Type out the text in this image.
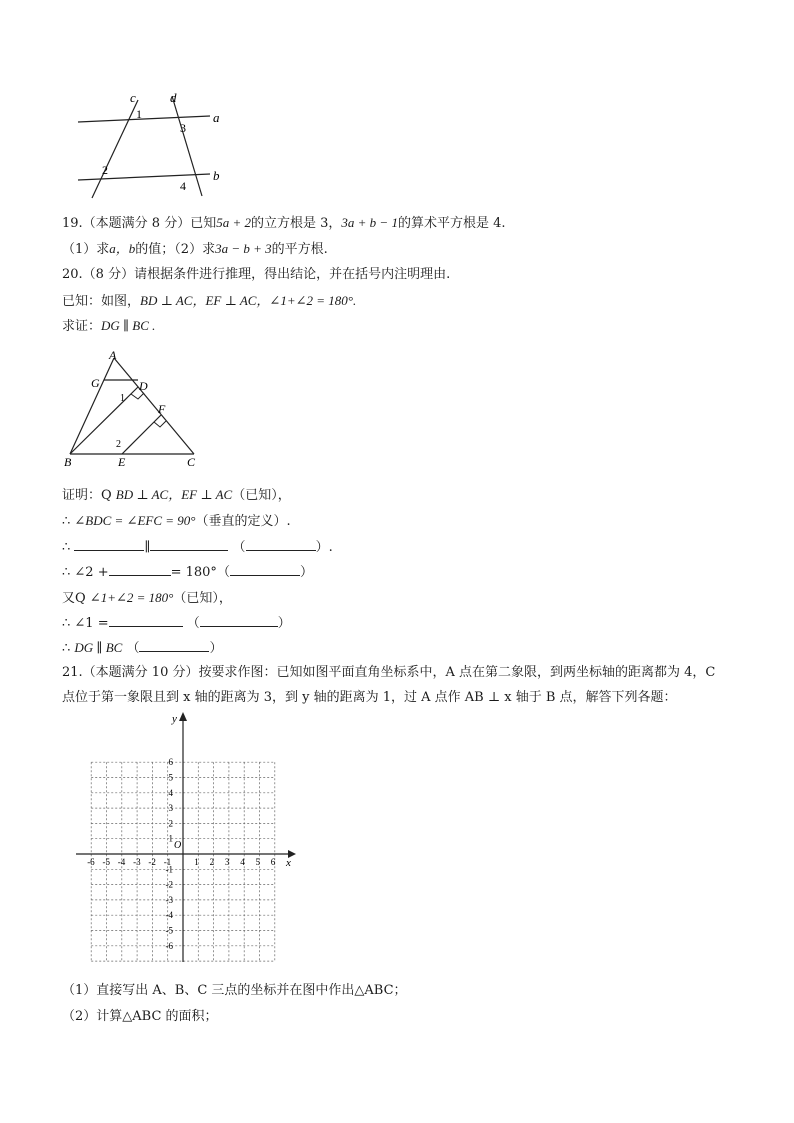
c	d
a
b
1
2
3
4
19.（本题满分 8 分）已知5a + 2的立方根是 3，3a + b − 1的算术平方根是 4.
（1）求a，b的值；（2）求3a − b + 3的平方根.
20.（8 分）请根据条件进行推理，得出结论，并在括号内注明理由.
已知：如图，BD ⊥ AC，EF ⊥ AC，∠1+∠2 = 180°.
求证：DG ∥ BC .
A
G	D
1
F
2
B	E	C
证明：Q BD ⊥ AC，EF ⊥ AC（已知），
∴ ∠BDC = ∠EFC = 90°（垂直的定义）.
∴	∥	（	）.
∴ ∠2 +	= 180°（	）
又Q ∠1+∠2 = 180°（已知），
∴ ∠1 =	（	）
∴ DG ∥ BC （	）
21.（本题满分 10 分）按要求作图：已知如图平面直角坐标系中，A 点在第二象限，到两坐标轴的距离都为 4，C
点位于第一象限且到 x 轴的距离为 3，到 y 轴的距离为 1，过 A 点作 AB ⊥ x 轴于 B 点，解答下列各题：
x
y
O
-6
-6
-5
-5
-4
-4
-3
-3
-2
-2
-1
-1
1
1
2
2
3
3
4
4
5
5
6
6
（1）直接写出 A、B、C 三点的坐标并在图中作出△ABC；
（2）计算△ABC 的面积；
